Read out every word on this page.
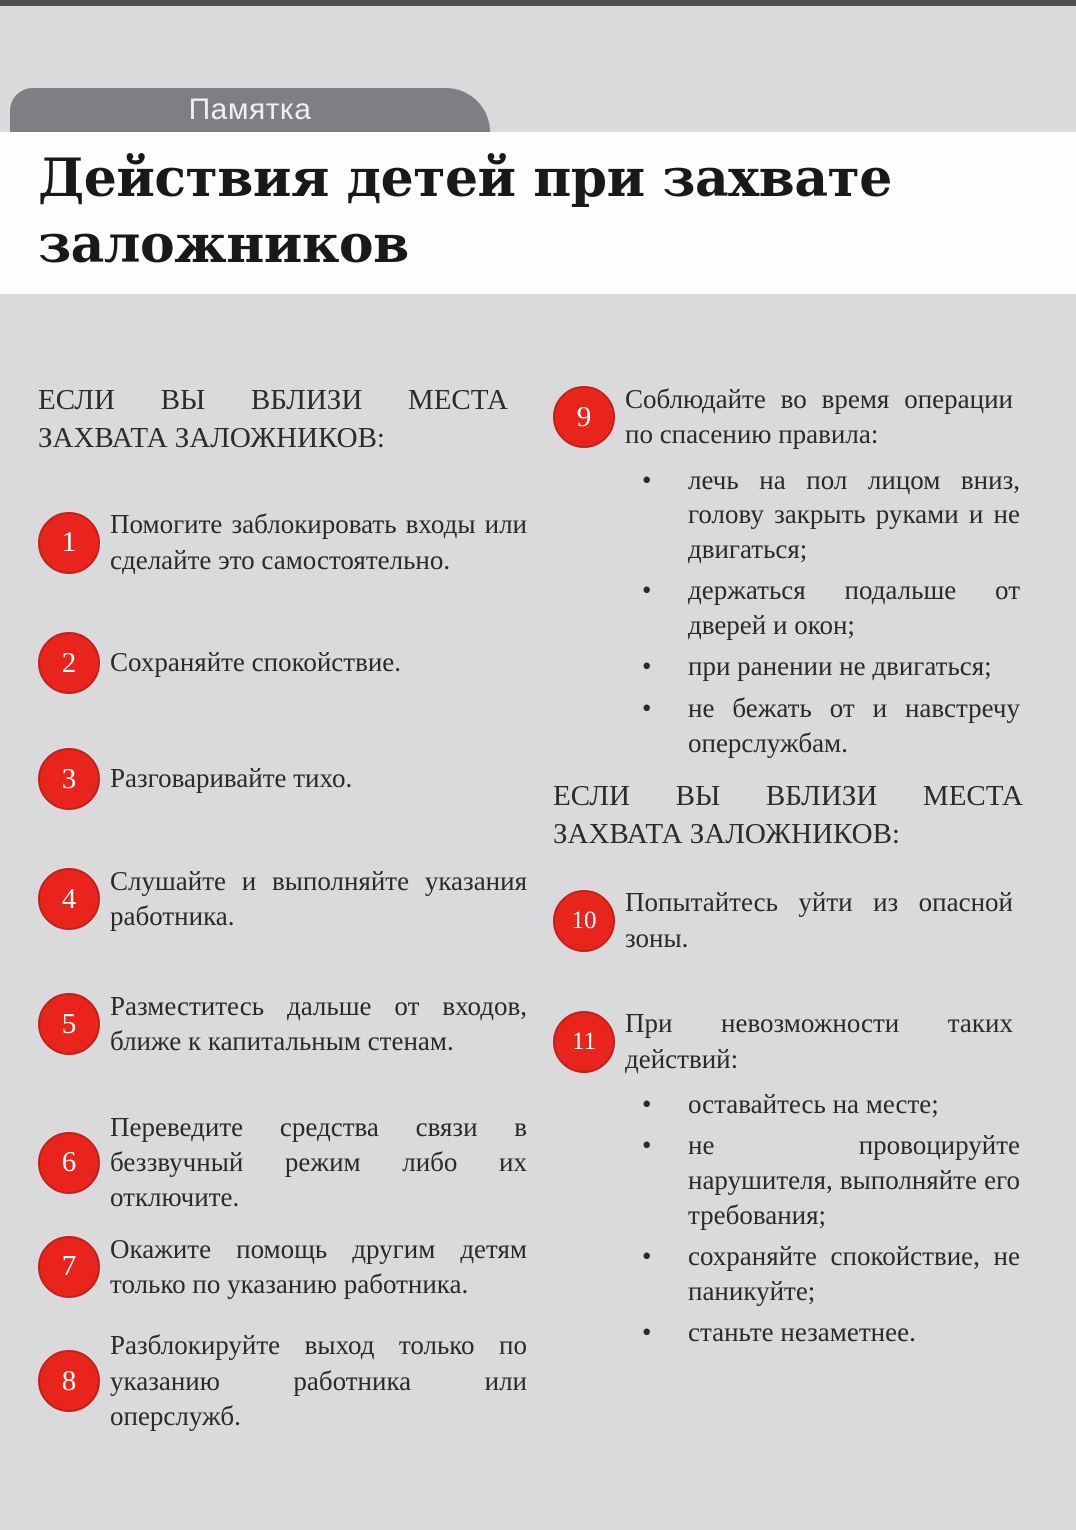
Памятка
Действия детей при захвате заложников
ЕСЛИ ВЫ ВБЛИЗИ МЕСТА ЗАХВАТА ЗАЛОЖНИКОВ:
1

Помогите заблокировать входы или сделайте это самостоятельно.

2 Сохраняйте спокойствие.

3 Разговаривайте тихо.

4

Слушайте и выполняйте указания работника.

5

Разместитесь дальше от входов, ближе к капитальным стенам.

6

Переведите средства связи в беззвучный режим либо их отключите.

7

Окажите помощь другим детям только по указанию работника.

8

Разблокируйте выход только по указанию работника или оперслужб.

9

Соблюдайте во время операции по спасению правила:

•	лечь на пол лицом вниз, голову закрыть руками и не двигаться;
•	держаться подальше от дверей и окон;
•	при ранении не двигаться;
•	не бежать от и навстречу оперслужбам.
ЕСЛИ ВЫ ВБЛИЗИ МЕСТА ЗАХВАТА ЗАЛОЖНИКОВ:
10

Попытайтесь уйти из опасной зоны.

11

При невозможности таких действий:

•	оставайтесь на месте;
•	не провоцируйте нарушителя, выполняйте его требования;
•	сохраняйте спокойствие, не паникуйте;
•	станьте незаметнее.
